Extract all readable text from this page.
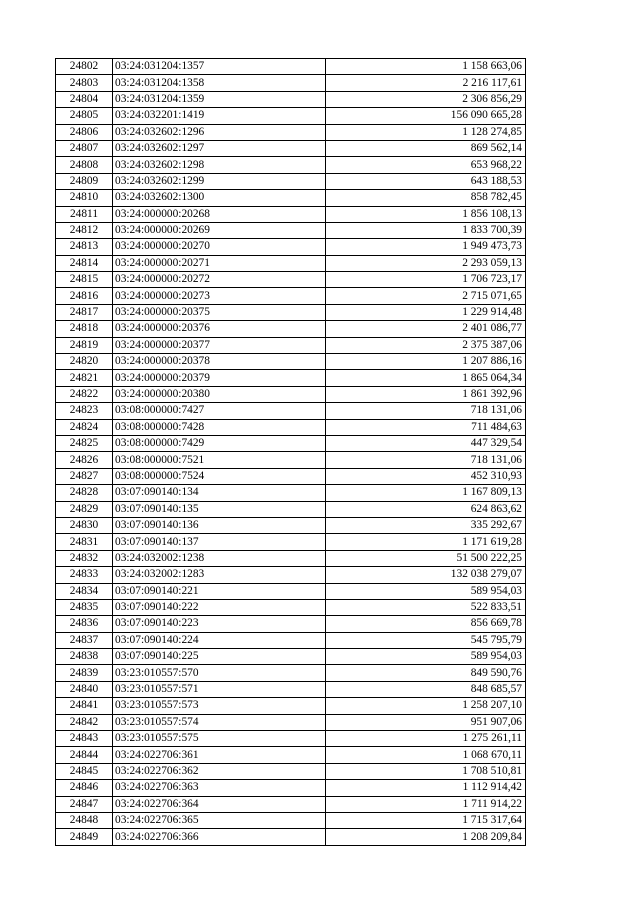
24802	03:24:031204:1357	1 158 663,06
24803	03:24:031204:1358	2 216 117,61
24804	03:24:031204:1359	2 306 856,29
24805	03:24:032201:1419	156 090 665,28
24806	03:24:032602:1296	1 128 274,85
24807	03:24:032602:1297	869 562,14
24808	03:24:032602:1298	653 968,22
24809	03:24:032602:1299	643 188,53
24810	03:24:032602:1300	858 782,45
24811	03:24:000000:20268	1 856 108,13
24812	03:24:000000:20269	1 833 700,39
24813	03:24:000000:20270	1 949 473,73
24814	03:24:000000:20271	2 293 059,13
24815	03:24:000000:20272	1 706 723,17
24816	03:24:000000:20273	2 715 071,65
24817	03:24:000000:20375	1 229 914,48
24818	03:24:000000:20376	2 401 086,77
24819	03:24:000000:20377	2 375 387,06
24820	03:24:000000:20378	1 207 886,16
24821	03:24:000000:20379	1 865 064,34
24822	03:24:000000:20380	1 861 392,96
24823	03:08:000000:7427	718 131,06
24824	03:08:000000:7428	711 484,63
24825	03:08:000000:7429	447 329,54
24826	03:08:000000:7521	718 131,06
24827	03:08:000000:7524	452 310,93
24828	03:07:090140:134	1 167 809,13
24829	03:07:090140:135	624 863,62
24830	03:07:090140:136	335 292,67
24831	03:07:090140:137	1 171 619,28
24832	03:24:032002:1238	51 500 222,25
24833	03:24:032002:1283	132 038 279,07
24834	03:07:090140:221	589 954,03
24835	03:07:090140:222	522 833,51
24836	03:07:090140:223	856 669,78
24837	03:07:090140:224	545 795,79
24838	03:07:090140:225	589 954,03
24839	03:23:010557:570	849 590,76
24840	03:23:010557:571	848 685,57
24841	03:23:010557:573	1 258 207,10
24842	03:23:010557:574	951 907,06
24843	03:23:010557:575	1 275 261,11
24844	03:24:022706:361	1 068 670,11
24845	03:24:022706:362	1 708 510,81
24846	03:24:022706:363	1 112 914,42
24847	03:24:022706:364	1 711 914,22
24848	03:24:022706:365	1 715 317,64
24849	03:24:022706:366	1 208 209,84
